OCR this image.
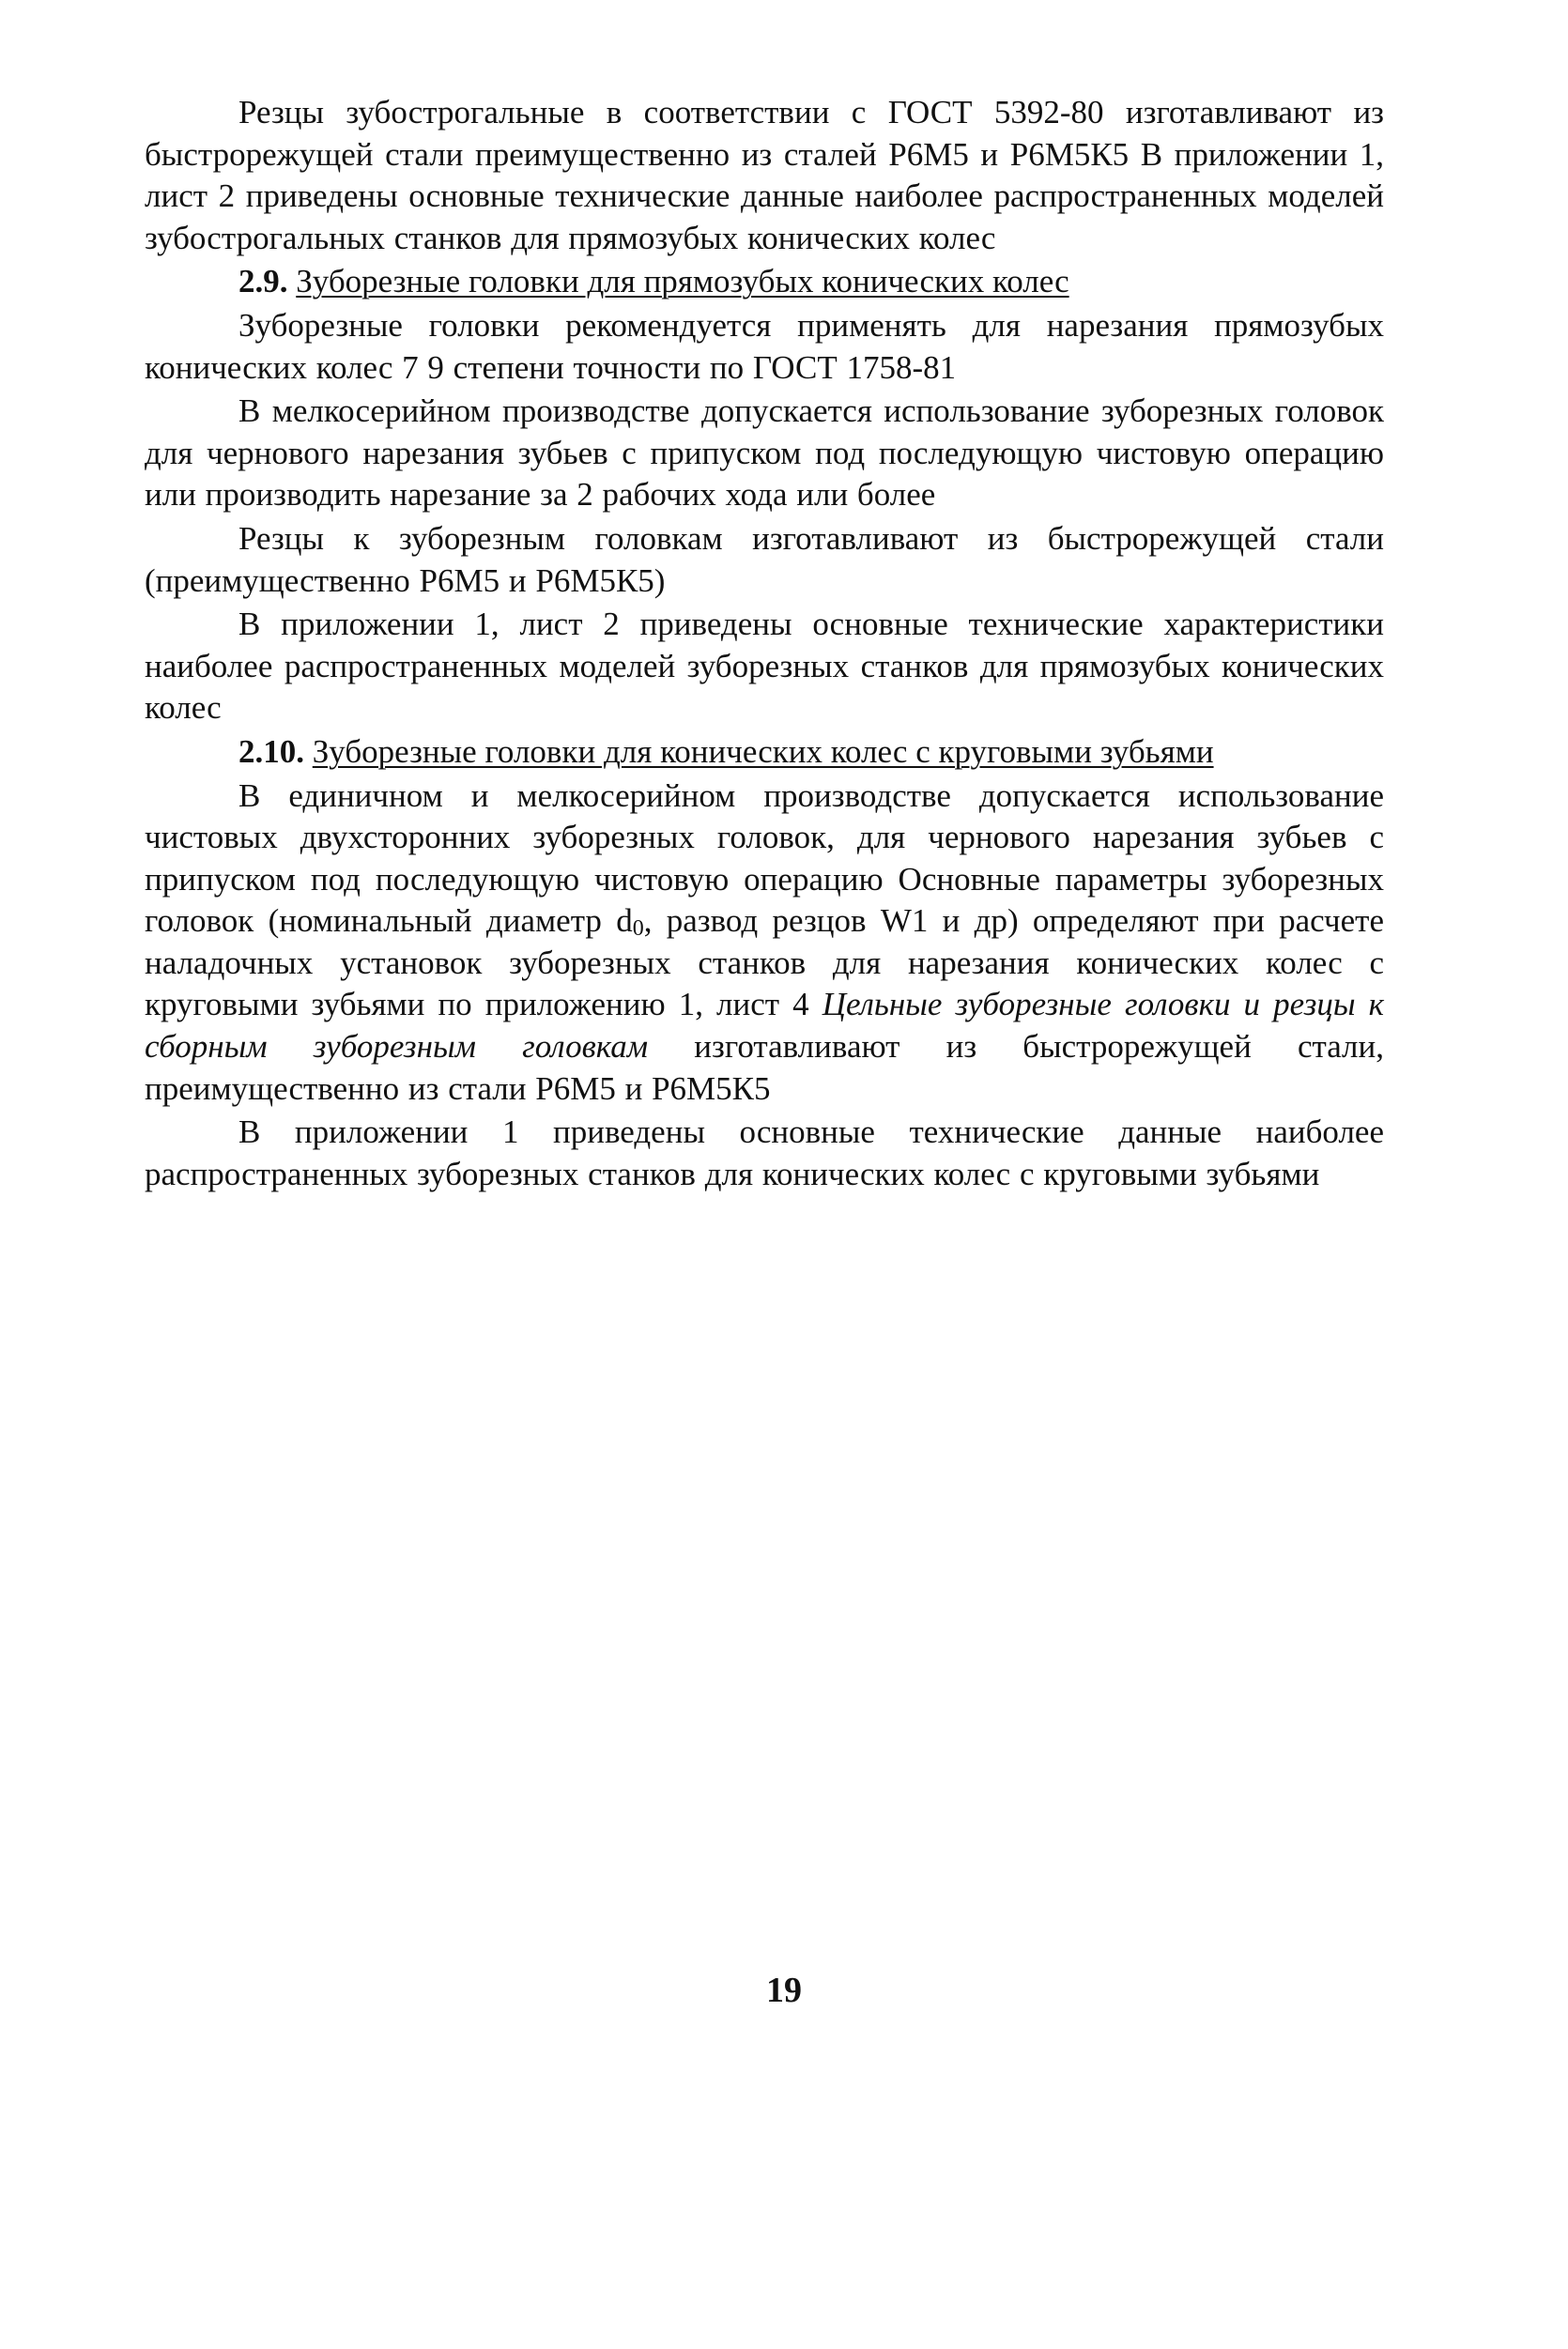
Резцы зубострогальные в соответствии с ГОСТ 5392-80 изготавливают из быстрорежущей стали преимущественно из сталей Р6М5 и Р6М5К5 В приложении 1, лист 2 приведены основные технические данные наиболее распространенных моделей зубострогальных станков для прямозубых конических колес

2.9. Зуборезные головки для прямозубых конических колес

Зуборезные головки рекомендуется применять для нарезания прямозубых конических колес 7 9 степени точности по ГОСТ 1758-81

В мелкосерийном производстве допускается использование зуборезных головок для чернового нарезания зубьев с припуском под последующую чистовую операцию или производить нарезание за 2 рабочих хода или более

Резцы к зуборезным головкам изготавливают из быстрорежущей стали (преимущественно Р6М5 и Р6М5К5)

В приложении 1, лист 2 приведены основные технические характеристики наиболее распространенных моделей зуборезных станков для прямозубых конических колес

2.10. Зуборезные головки для конических колес с круговыми зубьями

В единичном и мелкосерийном производстве допускается использование чистовых двухсторонних зуборезных головок, для чернового нарезания зубьев с припуском под последующую чистовую операцию Основные параметры зуборезных головок (номинальный диаметр $d_0$, развод резцов W1 и др) определяют при расчете наладочных установок зуборезных станков для нарезания конических колес с круговыми зубьями по приложению 1, лист 4 Цельные зуборезные головки и резцы к сборным зуборезным головкам изготавливают из быстрорежущей стали, преимущественно из стали Р6М5 и Р6М5К5

В приложении 1 приведены основные технические данные наиболее распространенных зуборезных станков для конических колес с круговыми зубьями

19
